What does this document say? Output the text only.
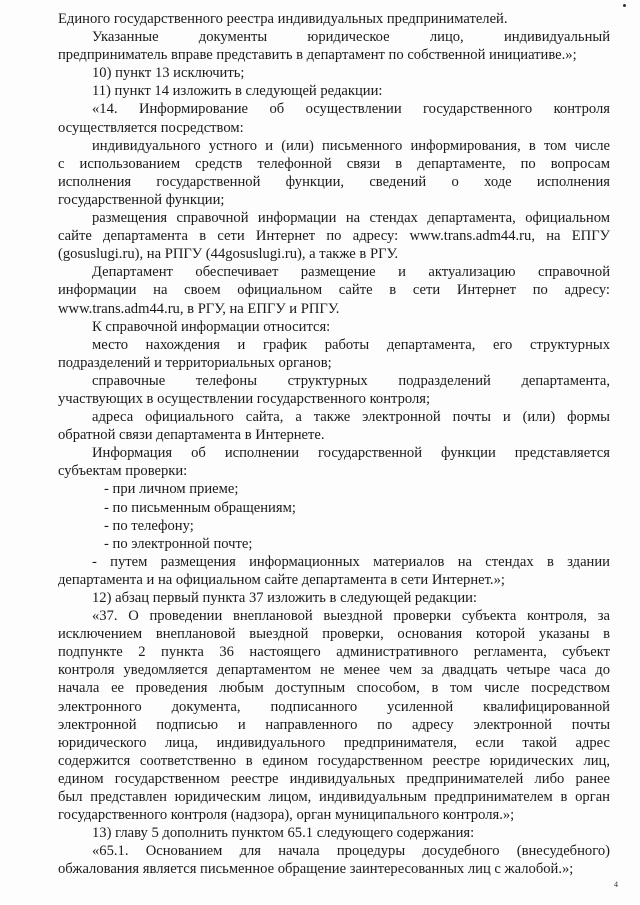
Единого государственного реестра индивидуальных предпринимателей.
Указанные документы юридическое лицо, индивидуальный
предприниматель вправе представить в департамент по собственной инициативе.»;
10) пункт 13 исключить;
11) пункт 14 изложить в следующей редакции:
«14. Информирование об осуществлении государственного контроля
осуществляется посредством:
индивидуального устного и (или) письменного информирования, в том числе
с использованием средств телефонной связи в департаменте, по вопросам
исполнения государственной функции, сведений о ходе исполнения
государственной функции;
размещения справочной информации на стендах департамента, официальном
сайте департамента в сети Интернет по адресу: www.trans.adm44.ru, на ЕПГУ
(gosuslugi.ru), на РПГУ (44gosuslugi.ru), а также в РГУ.
Департамент обеспечивает размещение и актуализацию справочной
информации на своем официальном сайте в сети Интернет по адресу:
www.trans.adm44.ru, в РГУ, на ЕПГУ и РПГУ.
К справочной информации относится:
место нахождения и график работы департамента, его структурных
подразделений и территориальных органов;
справочные телефоны структурных подразделений департамента,
участвующих в осуществлении государственного контроля;
адреса официального сайта, а также электронной почты и (или) формы
обратной связи департамента в Интернете.
Информация об исполнении государственной функции представляется
субъектам проверки:
- при личном приеме;
- по письменным обращениям;
- по телефону;
- по электронной почте;
- путем размещения информационных материалов на стендах в здании
департамента и на официальном сайте департамента в сети Интернет.»;
12) абзац первый пункта 37 изложить в следующей редакции:
«37. О проведении внеплановой выездной проверки субъекта контроля, за
исключением внеплановой выездной проверки, основания которой указаны в
подпункте 2 пункта 36 настоящего административного регламента, субъект
контроля уведомляется департаментом не менее чем за двадцать четыре часа до
начала ее проведения любым доступным способом, в том числе посредством
электронного документа, подписанного усиленной квалифицированной
электронной подписью и направленного по адресу электронной почты
юридического лица, индивидуального предпринимателя, если такой адрес
содержится соответственно в едином государственном реестре юридических лиц,
едином государственном реестре индивидуальных предпринимателей либо ранее
был представлен юридическим лицом, индивидуальным предпринимателем в орган
государственного контроля (надзора), орган муниципального контроля.»;
13) главу 5 дополнить пунктом 65.1 следующего содержания:
«65.1. Основанием для начала процедуры досудебного (внесудебного)
обжалования является письменное обращение заинтересованных лиц с жалобой.»;
4
